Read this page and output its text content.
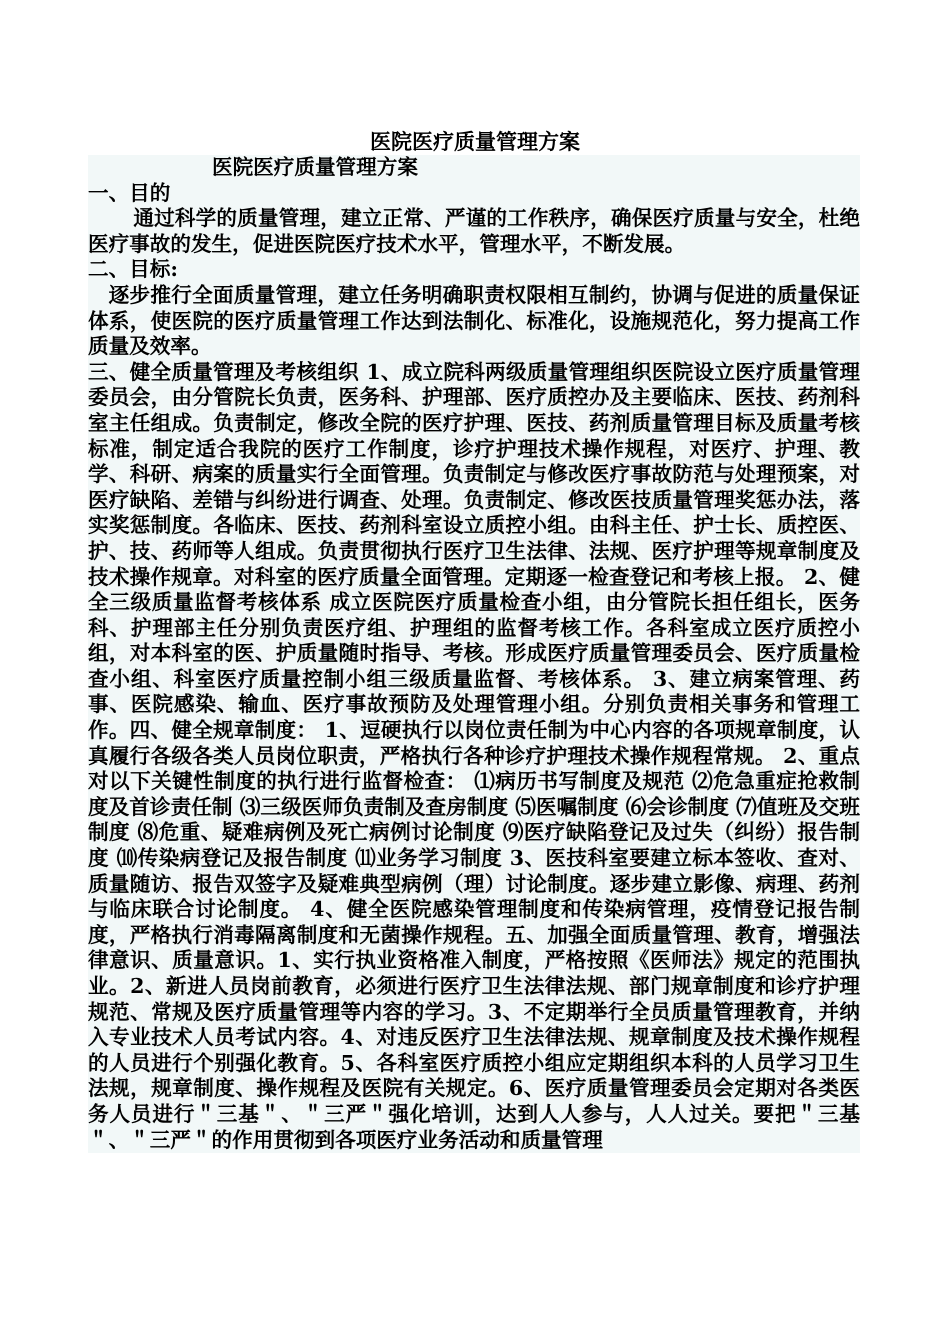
医院医疗质量管理方案
医院医疗质量管理方案
一、目的
通过科学的质量管理，建立正常、严谨的工作秩序，确保医疗质量与安全，杜绝医疗事故的发生，促进医院医疗技术水平，管理水平，不断发展。
二、目标:
逐步推行全面质量管理，建立任务明确职责权限相互制约，协调与促进的质量保证体系，使医院的医疗质量管理工作达到法制化、标准化，设施规范化，努力提高工作质量及效率。
三、健全质量管理及考核组织 1、成立院科两级质量管理组织医院设立医疗质量管理委员会，由分管院长负责，医务科、护理部、医疗质控办及主要临床、医技、药剂科室主任组成。负责制定，修改全院的医疗护理、医技、药剂质量管理目标及质量考核标准，制定适合我院的医疗工作制度，诊疗护理技术操作规程，对医疗、护理、教学、科研、病案的质量实行全面管理。负责制定与修改医疗事故防范与处理预案，对医疗缺陷、差错与纠纷进行调查、处理。负责制定、修改医技质量管理奖惩办法，落实奖惩制度。各临床、医技、药剂科室设立质控小组。由科主任、护士长、质控医、护、技、药师等人组成。负责贯彻执行医疗卫生法律、法规、医疗护理等规章制度及技术操作规章。对科室的医疗质量全面管理。定期逐一检查登记和考核上报。 2、健全三级质量监督考核体系 成立医院医疗质量检查小组，由分管院长担任组长，医务科、护理部主任分别负责医疗组、护理组的监督考核工作。各科室成立医疗质控小组，对本科室的医、护质量随时指导、考核。形成医疗质量管理委员会、医疗质量检查小组、科室医疗质量控制小组三级质量监督、考核体系。 3、建立病案管理、药事、医院感染、输血、医疗事故预防及处理管理小组。分别负责相关事务和管理工作。四、健全规章制度： 1、逗硬执行以岗位责任制为中心内容的各项规章制度，认真履行各级各类人员岗位职责，严格执行各种诊疗护理技术操作规程常规。 2、重点对以下关键性制度的执行进行监督检查： ⑴病历书写制度及规范 ⑵危急重症抢救制度及首诊责任制 ⑶三级医师负责制及查房制度 ⑸医嘱制度 ⑹会诊制度 ⑺值班及交班制度 ⑻危重、疑难病例及死亡病例讨论制度 ⑼医疗缺陷登记及过失（纠纷）报告制度 ⑽传染病登记及报告制度 ⑾业务学习制度 3、医技科室要建立标本签收、查对、质量随访、报告双签字及疑难典型病例（理）讨论制度。逐步建立影像、病理、药剂与临床联合讨论制度。 4、健全医院感染管理制度和传染病管理，疫情登记报告制度，严格执行消毒隔离制度和无菌操作规程。五、加强全面质量管理、教育，增强法律意识、质量意识。1、实行执业资格准入制度，严格按照《医师法》规定的范围执业。2、新进人员岗前教育，必须进行医疗卫生法律法规、部门规章制度和诊疗护理规范、常规及医疗质量管理等内容的学习。3、不定期举行全员质量管理教育，并纳入专业技术人员考试内容。4、对违反医疗卫生法律法规、规章制度及技术操作规程的人员进行个别强化教育。5、各科室医疗质控小组应定期组织本科的人员学习卫生法规，规章制度、操作规程及医院有关规定。6、医疗质量管理委员会定期对各类医务人员进行＂三基＂、＂三严＂强化培训，达到人人参与，人人过关。要把＂三基＂、＂三严＂的作用贯彻到各项医疗业务活动和质量管理
